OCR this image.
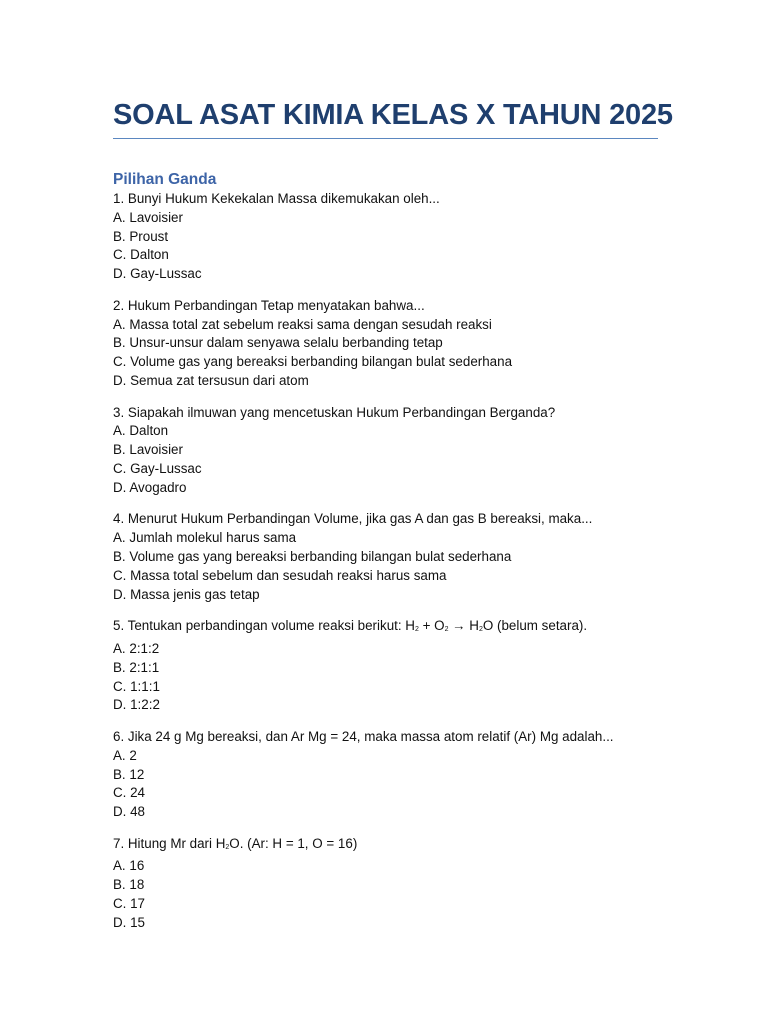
SOAL ASAT KIMIA KELAS X TAHUN 2025
Pilihan Ganda
1. Bunyi Hukum Kekekalan Massa dikemukakan oleh...
A. Lavoisier
B. Proust
C. Dalton
D. Gay-Lussac
2. Hukum Perbandingan Tetap menyatakan bahwa...
A. Massa total zat sebelum reaksi sama dengan sesudah reaksi
B. Unsur-unsur dalam senyawa selalu berbanding tetap
C. Volume gas yang bereaksi berbanding bilangan bulat sederhana
D. Semua zat tersusun dari atom
3. Siapakah ilmuwan yang mencetuskan Hukum Perbandingan Berganda?
A. Dalton
B. Lavoisier
C. Gay-Lussac
D. Avogadro
4. Menurut Hukum Perbandingan Volume, jika gas A dan gas B bereaksi, maka...
A. Jumlah molekul harus sama
B. Volume gas yang bereaksi berbanding bilangan bulat sederhana
C. Massa total sebelum dan sesudah reaksi harus sama
D. Massa jenis gas tetap
5. Tentukan perbandingan volume reaksi berikut: H2 + O2 → H2O (belum setara).
A. 2:1:2
B. 2:1:1
C. 1:1:1
D. 1:2:2
6. Jika 24 g Mg bereaksi, dan Ar Mg = 24, maka massa atom relatif (Ar) Mg adalah...
A. 2
B. 12
C. 24
D. 48
7. Hitung Mr dari H2O. (Ar: H = 1, O = 16)
A. 16
B. 18
C. 17
D. 15
